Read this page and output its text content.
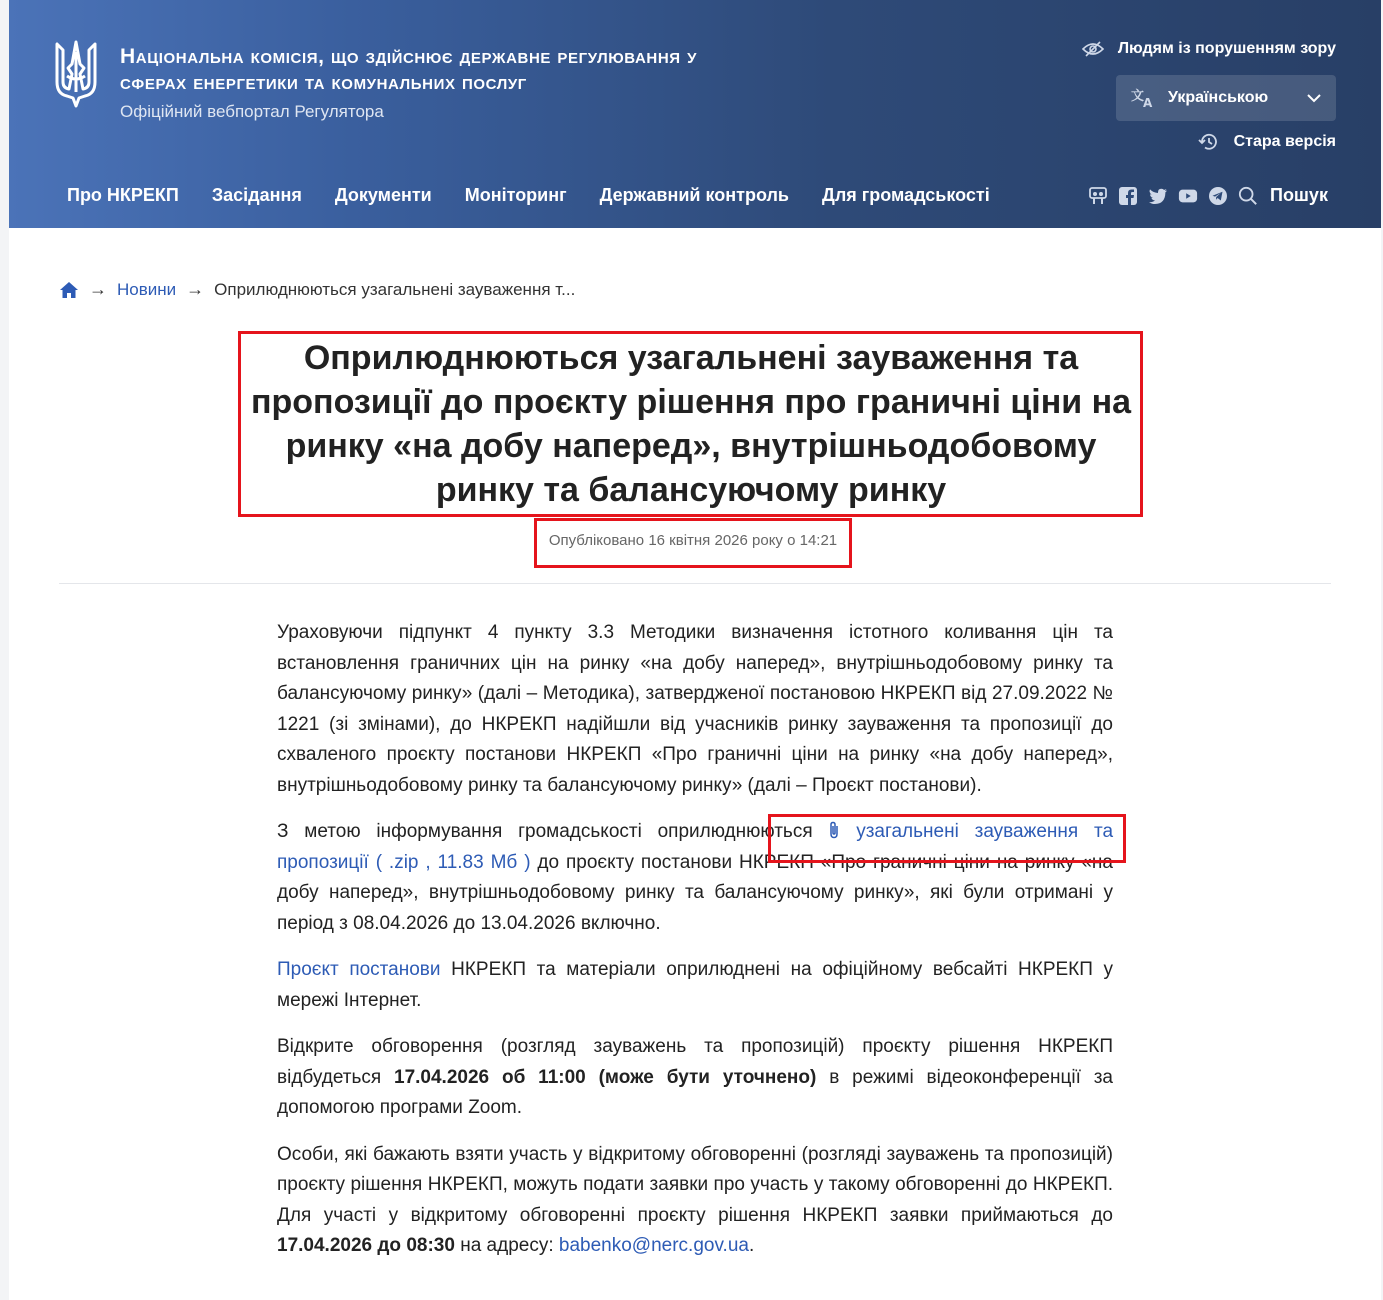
Національна комісія, що здійснює державне регулювання у
сферах енергетики та комунальних послуг
Офіційний вебпортал Регулятора
Людям із порушенням зору
文
A Українською
Стара версія
Про НКРЕКП Засідання Документи Моніторинг Державний контроль Для громадськості	Пошук
→ Новини → Оприлюднюються узагальнені зауваження т...
Оприлюднюються узагальнені зауваження та пропозиції до проєкту рішення про граничні ціни на ринку «на добу наперед», внутрішньодобовому ринку та балансуючому ринку
Опубліковано 16 квітня 2026 року о 14:21

Ураховуючи підпункт 4 пункту 3.3 Методики визначення істотного коливання цін та встановлення граничних цін на ринку «на добу наперед», внутрішньодобовому ринку та балансуючому ринку» (далі – Методика), затвердженої постановою НКРЕКП від 27.09.2022 № 1221 (зі змінами), до НКРЕКП надійшли від учасників ринку зауваження та пропозиції до схваленого проєкту постанови НКРЕКП «Про граничні ціни на ринку «на добу наперед», внутрішньодобовому ринку та балансуючому ринку» (далі – Проєкт постанови).

З метою інформування громадськості оприлюднюються  узагальнені зауваження та пропозиції ( .zip , 11.83 Мб ) до проєкту постанови НКРЕКП «Про граничні ціни на ринку «на добу наперед», внутрішньодобовому ринку та балансуючому ринку», які були отримані у період з 08.04.2026 до 13.04.2026 включно.

Проєкт постанови НКРЕКП та матеріали оприлюднені на офіційному вебсайті НКРЕКП у мережі Інтернет.

Відкрите обговорення (розгляд зауважень та пропозицій) проєкту рішення НКРЕКП відбудеться 17.04.2026 об 11:00 (може бути уточнено) в режимі відеоконференції за допомогою програми Zoom.

Особи, які бажають взяти участь у відкритому обговоренні (розгляді зауважень та пропозицій) проєкту рішення НКРЕКП, можуть подати заявки про участь у такому обговоренні до НКРЕКП. Для участі у відкритому обговоренні проєкту рішення НКРЕКП заявки приймаються до 17.04.2026 до 08:30 на адресу: babenko@nerc.gov.ua.
